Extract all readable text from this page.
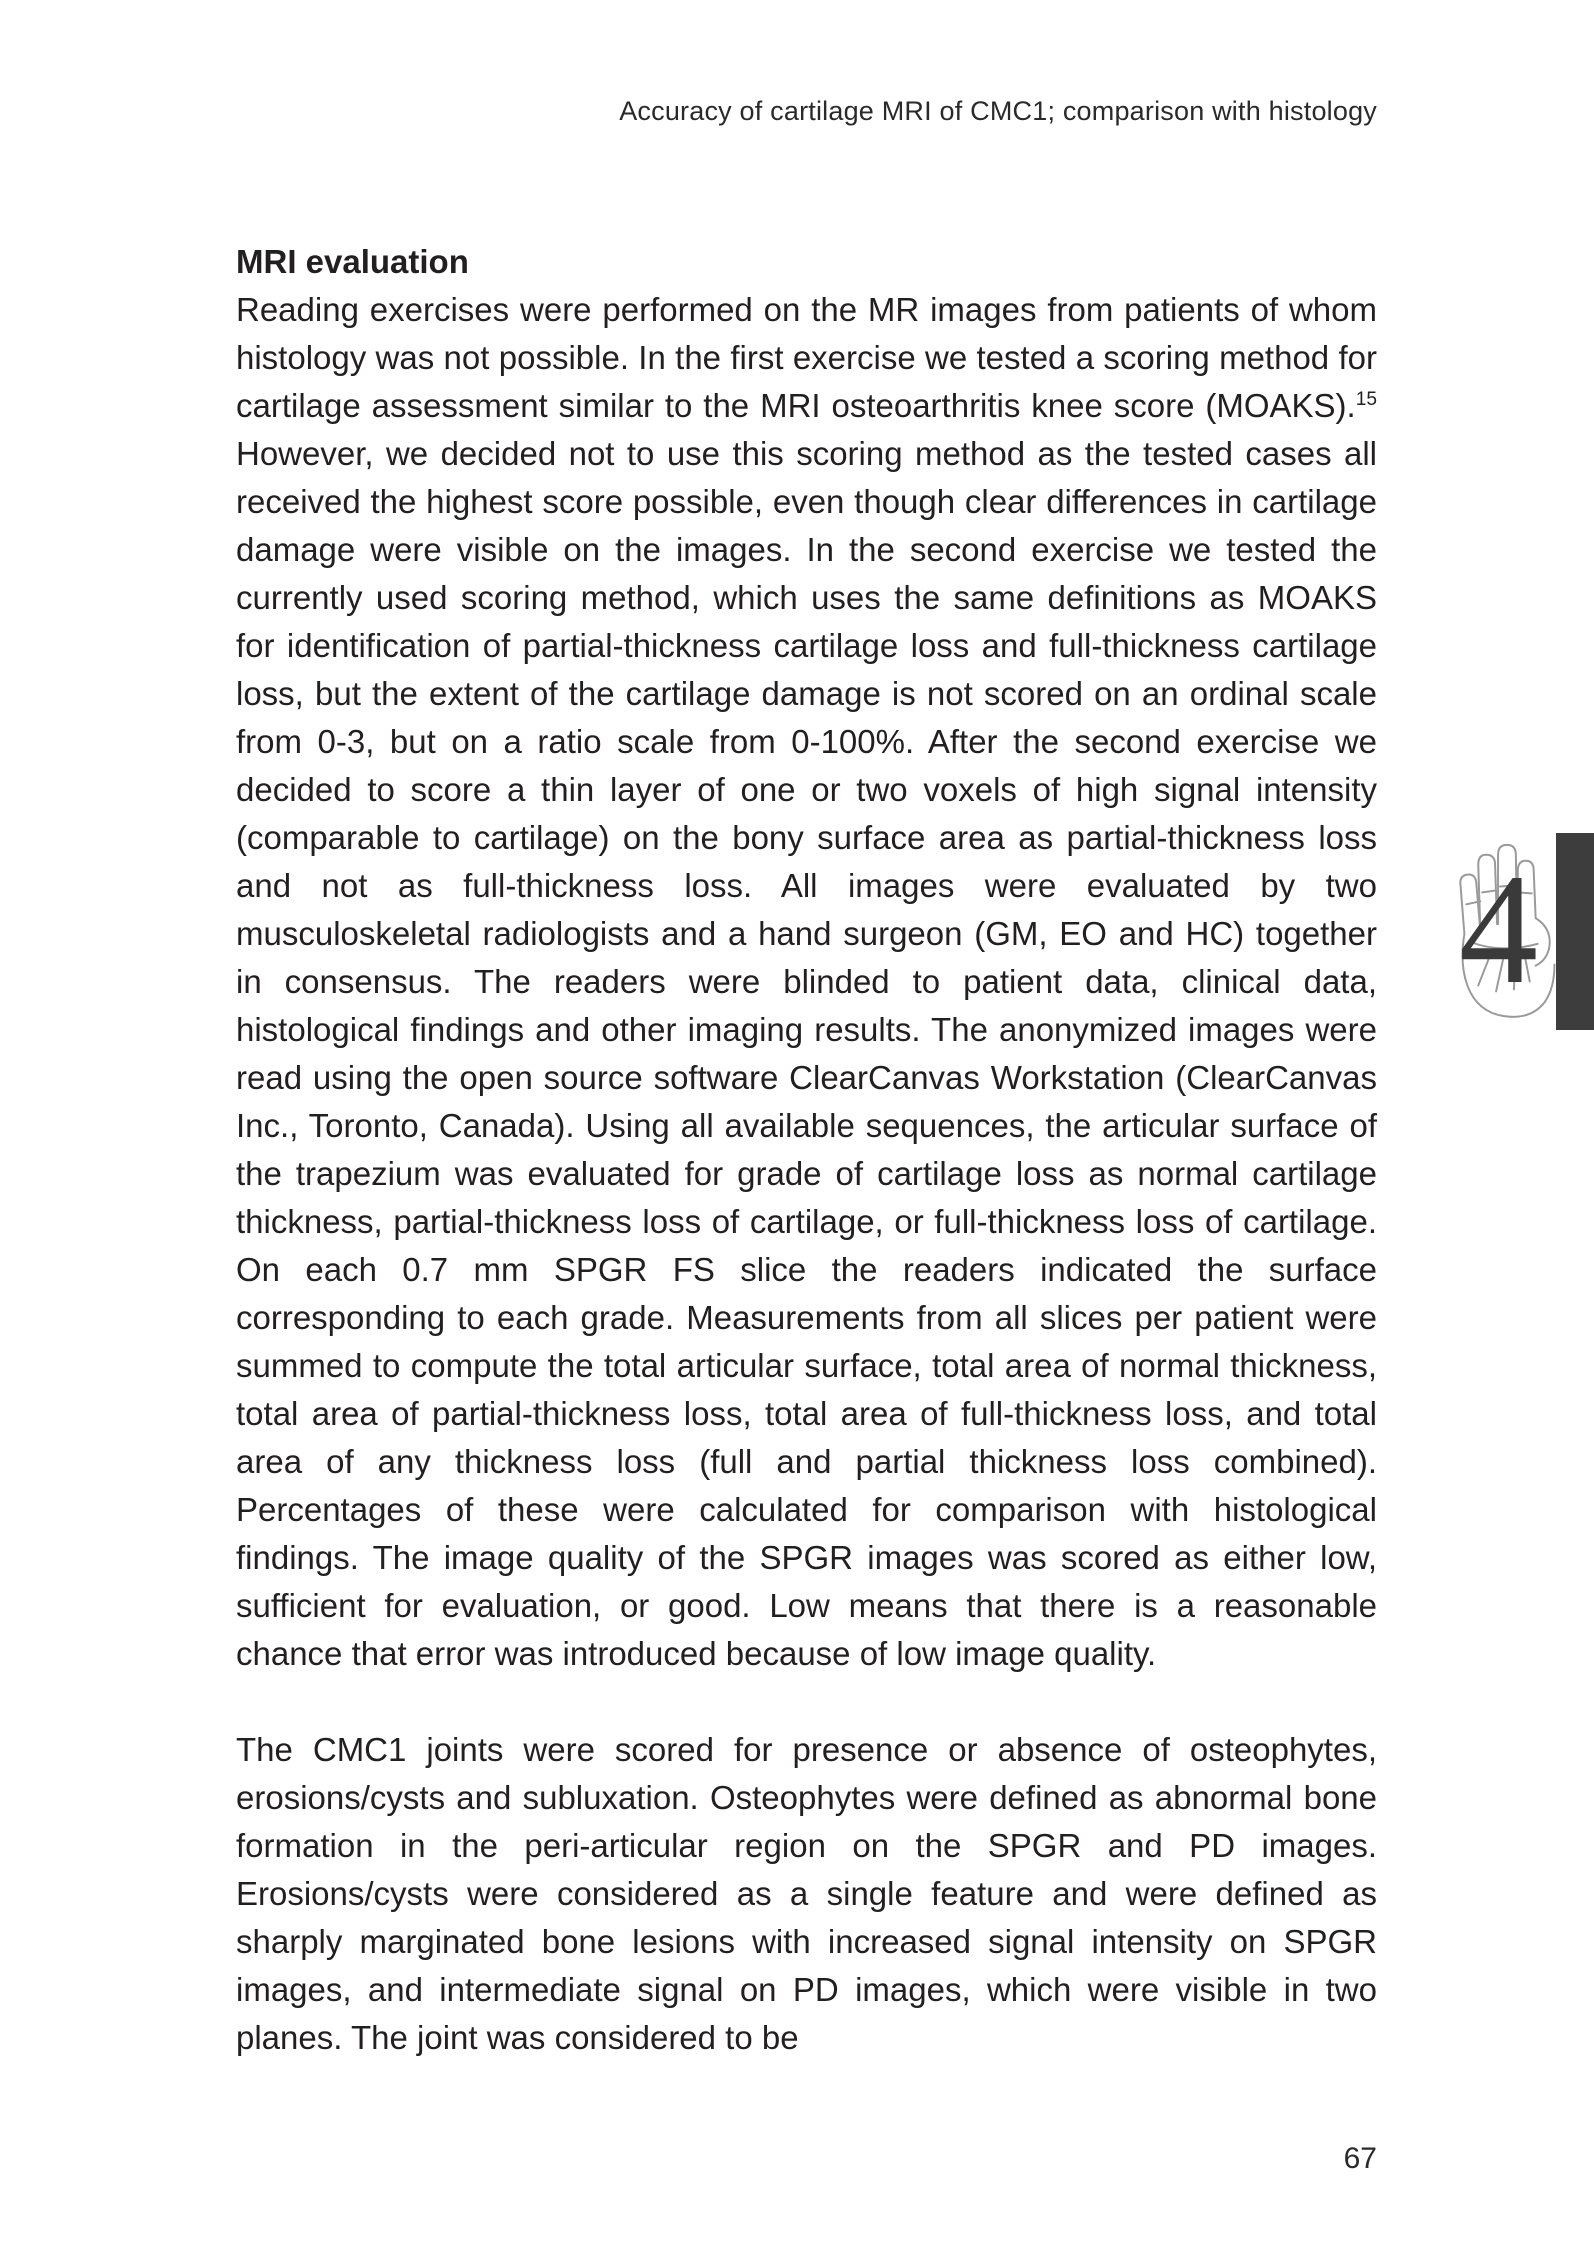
Accuracy of cartilage MRI of CMC1; comparison with histology

MRI evaluation

Reading exercises were performed on the MR images from patients of whom histology was not possible. In the first exercise we tested a scoring method for cartilage assessment similar to the MRI osteoarthritis knee score (MOAKS).$^{15}$ However, we decided not to use this scoring method as the tested cases all received the highest score possible, even though clear differences in cartilage damage were visible on the images. In the second exercise we tested the currently used scoring method, which uses the same definitions as MOAKS for identification of partial-thickness cartilage loss and full-thickness cartilage loss, but the extent of the cartilage damage is not scored on an ordinal scale from 0-3, but on a ratio scale from 0-100%. After the second exercise we decided to score a thin layer of one or two voxels of high signal intensity (comparable to cartilage) on the bony surface area as partial-thickness loss and not as full-thickness loss. All images were evaluated by two musculoskeletal radiologists and a hand surgeon (GM, EO and HC) together in consensus. The readers were blinded to patient data, clinical data, histological findings and other imaging results. The anonymized images were read using the open source software ClearCanvas Workstation (ClearCanvas Inc., Toronto, Canada). Using all available sequences, the articular surface of the trapezium was evaluated for grade of cartilage loss as normal cartilage thickness, partial-thickness loss of cartilage, or full-thickness loss of cartilage. On each 0.7 mm SPGR FS slice the readers indicated the surface corresponding to each grade. Measurements from all slices per patient were summed to compute the total articular surface, total area of normal thickness, total area of partial-thickness loss, total area of full-thickness loss, and total area of any thickness loss (full and partial thickness loss combined). Percentages of these were calculated for comparison with histological findings. The image quality of the SPGR images was scored as either low, sufficient for evaluation, or good. Low means that there is a reasonable chance that error was introduced because of low image quality.

The CMC1 joints were scored for presence or absence of osteophytes, erosions/cysts and subluxation. Osteophytes were defined as abnormal bone formation in the peri-articular region on the SPGR and PD images. Erosions/cysts were considered as a single feature and were defined as sharply marginated bone lesions with increased signal intensity on SPGR images, and intermediate signal on PD images, which were visible in two planes. The joint was considered to be

4
67
